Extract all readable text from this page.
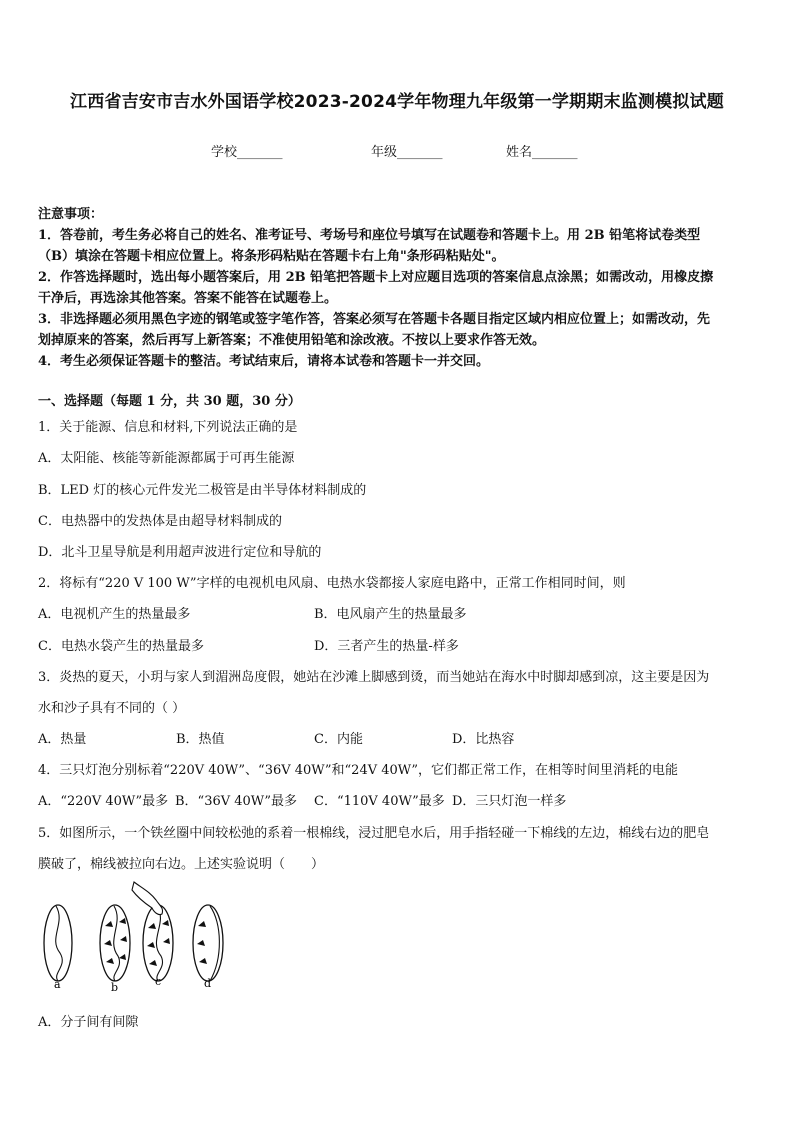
江西省吉安市吉水外国语学校2023-2024学年物理九年级第一学期期末监测模拟试题
学校_______	年级_______	姓名_______
注意事项：
1．答卷前，考生务必将自己的姓名、准考证号、考场号和座位号填写在试题卷和答题卡上。用 2B 铅笔将试卷类型
（B）填涂在答题卡相应位置上。将条形码粘贴在答题卡右上角"条形码粘贴处"。
2．作答选择题时，选出每小题答案后，用 2B 铅笔把答题卡上对应题目选项的答案信息点涂黑；如需改动，用橡皮擦
干净后，再选涂其他答案。答案不能答在试题卷上。
3．非选择题必须用黑色字迹的钢笔或签字笔作答，答案必须写在答题卡各题目指定区域内相应位置上；如需改动，先
划掉原来的答案，然后再写上新答案；不准使用铅笔和涂改液。不按以上要求作答无效。
4．考生必须保证答题卡的整洁。考试结束后，请将本试卷和答题卡一并交回。
一、选择题（每题 1 分，共 30 题，30 分）
1．关于能源、信息和材料,下列说法正确的是
A．太阳能、核能等新能源都属于可再生能源
B．LED 灯的核心元件发光二极管是由半导体材料制成的
C．电热器中的发热体是由超导材料制成的
D．北斗卫星导航是利用超声波进行定位和导航的
2．将标有“220 V 100 W”字样的电视机电风扇、电热水袋都接人家庭电路中，正常工作相同时间，则
A．电视机产生的热量最多	B．电风扇产生的热量最多
C．电热水袋产生的热量最多	D．三者产生的热量-样多
3．炎热的夏天，小玥与家人到湄洲岛度假，她站在沙滩上脚感到烫，而当她站在海水中时脚却感到凉，这主要是因为
水和沙子具有不同的（ ）
A．热量	B．热值	C．内能	D．比热容
4．三只灯泡分别标着“220V 40W”、“36V 40W”和“24V 40W”，它们都正常工作，在相等时间里消耗的电能
A．“220V 40W”最多 B．“36V 40W”最多 C．“110V 40W”最多 D．三只灯泡一样多
5．如图所示，一个铁丝圈中间较松弛的系着一根棉线，浸过肥皂水后，用手指轻碰一下棉线的左边，棉线右边的肥皂
膜破了，棉线被拉向右边。上述实验说明（　　）
a	b	c	d
A．分子间有间隙
